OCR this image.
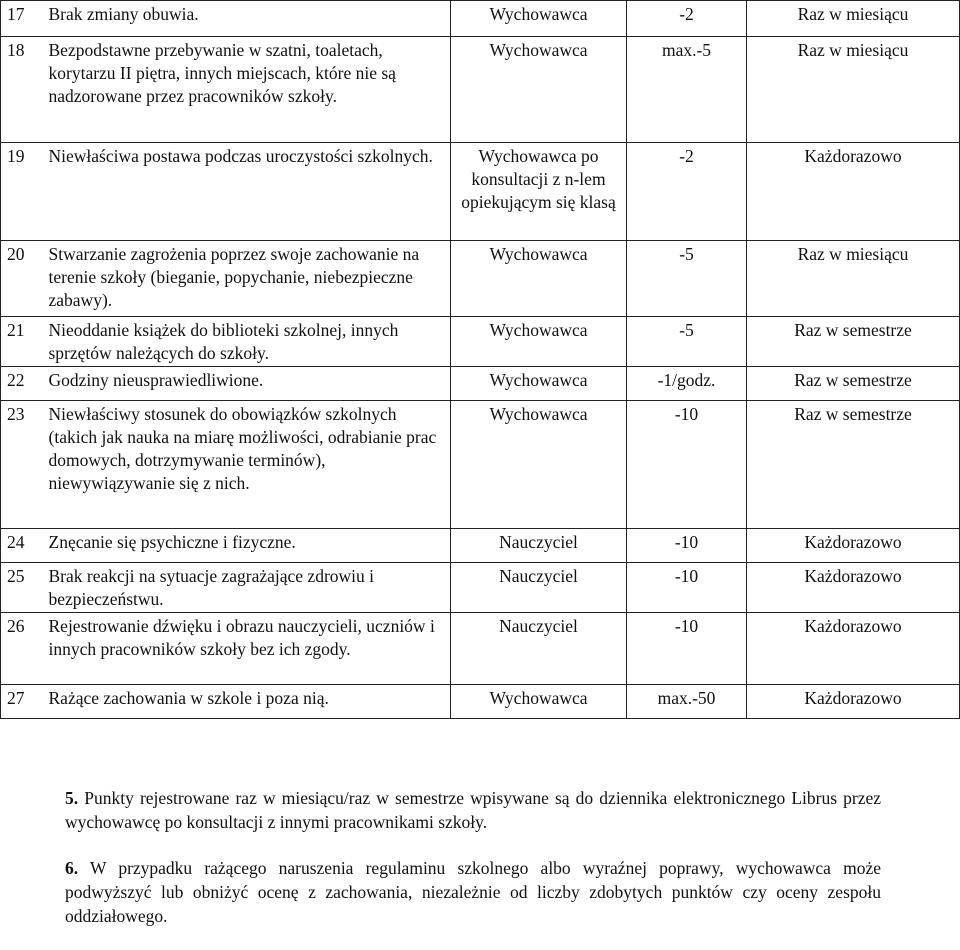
17	Brak zmiany obuwia.	Wychowawca	-2	Raz w miesiącu
18	Bezpodstawne przebywanie w szatni, toaletach, korytarzu II piętra, innych miejscach, które nie są nadzorowane przez pracowników szkoły.	Wychowawca	max.-5	Raz w miesiącu
19	Niewłaściwa postawa podczas uroczystości szkolnych.	Wychowawca po konsultacji z n-lem opiekującym się klasą	-2	Każdorazowo
20	Stwarzanie zagrożenia poprzez swoje zachowanie na terenie szkoły (bieganie, popychanie, niebezpieczne zabawy).	Wychowawca	-5	Raz w miesiącu
21	Nieoddanie książek do biblioteki szkolnej, innych sprzętów należących do szkoły.	Wychowawca	-5	Raz w semestrze
22	Godziny nieusprawiedliwione.	Wychowawca	-1/godz.	Raz w semestrze
23	Niewłaściwy stosunek do obowiązków szkolnych (takich jak nauka na miarę możliwości, odrabianie prac domowych, dotrzymywanie terminów), niewywiązywanie się z nich.	Wychowawca	-10	Raz w semestrze
24	Znęcanie się psychiczne i fizyczne.	Nauczyciel	-10	Każdorazowo
25	Brak reakcji na sytuacje zagrażające zdrowiu i bezpieczeństwu.	Nauczyciel	-10	Każdorazowo
26	Rejestrowanie dźwięku i obrazu nauczycieli, uczniów i innych pracowników szkoły bez ich zgody.	Nauczyciel	-10	Każdorazowo
27	Rażące zachowania w szkole i poza nią.	Wychowawca	max.-50	Każdorazowo

5. Punkty rejestrowane raz w miesiącu/raz w semestrze wpisywane są do dziennika elektronicznego Librus przez wychowawcę po konsultacji z innymi pracownikami szkoły.

6. W przypadku rażącego naruszenia regulaminu szkolnego albo wyraźnej poprawy, wychowawca może podwyższyć lub obniżyć ocenę z zachowania, niezależnie od liczby zdobytych punktów czy oceny zespołu oddziałowego.
